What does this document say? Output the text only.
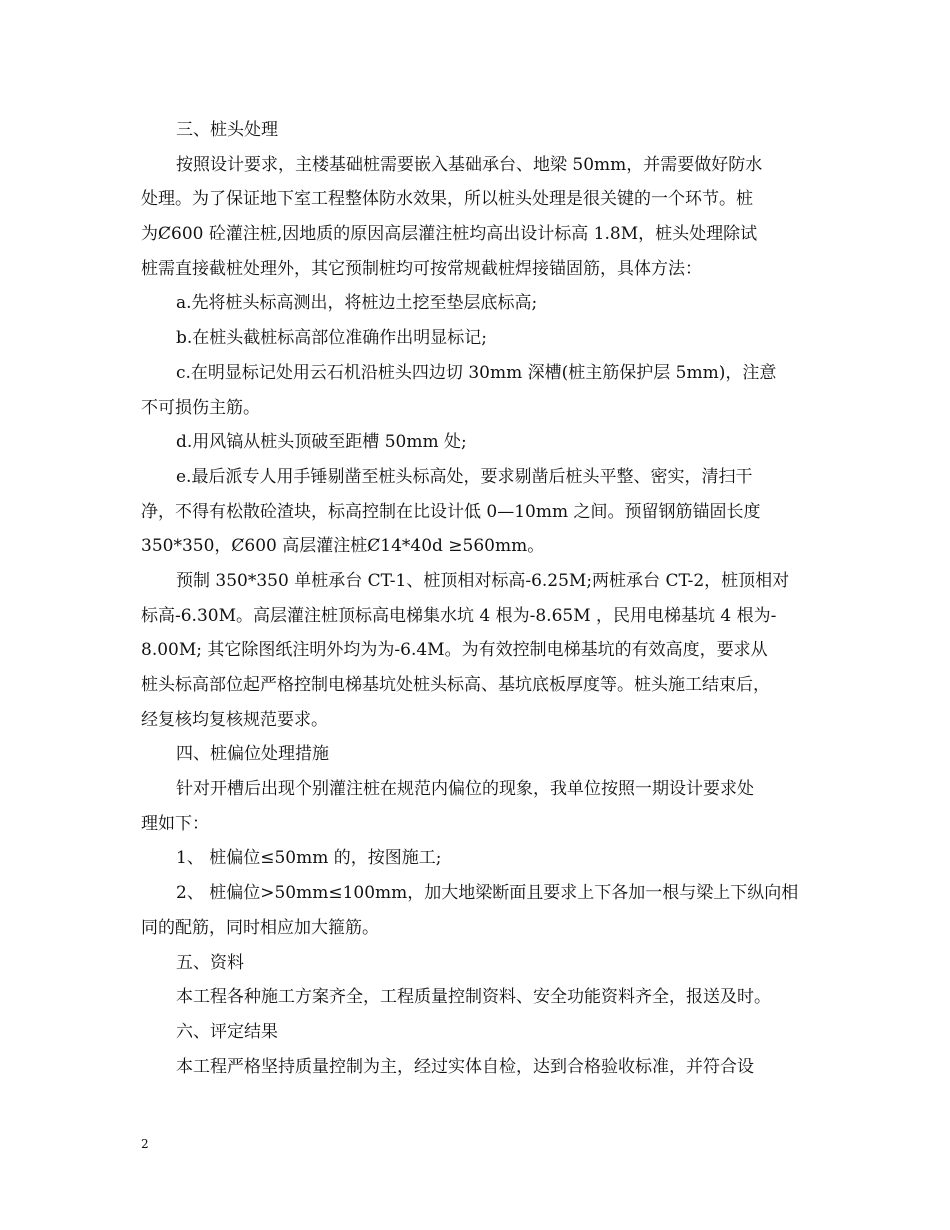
三、桩头处理
按照设计要求，主楼基础桩需要嵌入基础承台、地梁 50mm，并需要做好防水
处理。为了保证地下室工程整体防水效果，所以桩头处理是很关键的一个环节。桩
为Ȼ600 砼灌注桩,因地质的原因高层灌注桩均高出设计标高 1.8M，桩头处理除试
桩需直接截桩处理外，其它预制桩均可按常规截桩焊接锚固筋，具体方法：
a.先将桩头标高测出，将桩边土挖至垫层底标高;
b.在桩头截桩标高部位准确作出明显标记;
c.在明显标记处用云石机沿桩头四边切 30mm 深槽(桩主筋保护层 5mm)，注意
不可损伤主筋。
d.用风镐从桩头顶破至距槽 50mm 处;
e.最后派专人用手锤剔凿至桩头标高处，要求剔凿后桩头平整、密实，清扫干
净，不得有松散砼渣块，标高控制在比设计低 0—10mm 之间。预留钢筋锚固长度
350*350，Ȼ600 高层灌注桩Ȼ14*40d ≥560mm。
预制 350*350 单桩承台 CT-1、桩顶相对标高-6.25M;两桩承台 CT-2，桩顶相对
标高-6.30M。高层灌注桩顶标高电梯集水坑 4 根为-8.65M ，民用电梯基坑 4 根为-
8.00M; 其它除图纸注明外均为为-6.4M。为有效控制电梯基坑的有效高度，要求从
桩头标高部位起严格控制电梯基坑处桩头标高、基坑底板厚度等。桩头施工结束后，
经复核均复核规范要求。
四、桩偏位处理措施
针对开槽后出现个别灌注桩在规范内偏位的现象，我单位按照一期设计要求处
理如下：
1、 桩偏位≤50mm 的，按图施工;
2、 桩偏位>50mm≤100mm，加大地梁断面且要求上下各加一根与梁上下纵向相
同的配筋，同时相应加大箍筋。
五、资料
本工程各种施工方案齐全，工程质量控制资料、安全功能资料齐全，报送及时。
六、评定结果
本工程严格坚持质量控制为主，经过实体自检，达到合格验收标准，并符合设
2
